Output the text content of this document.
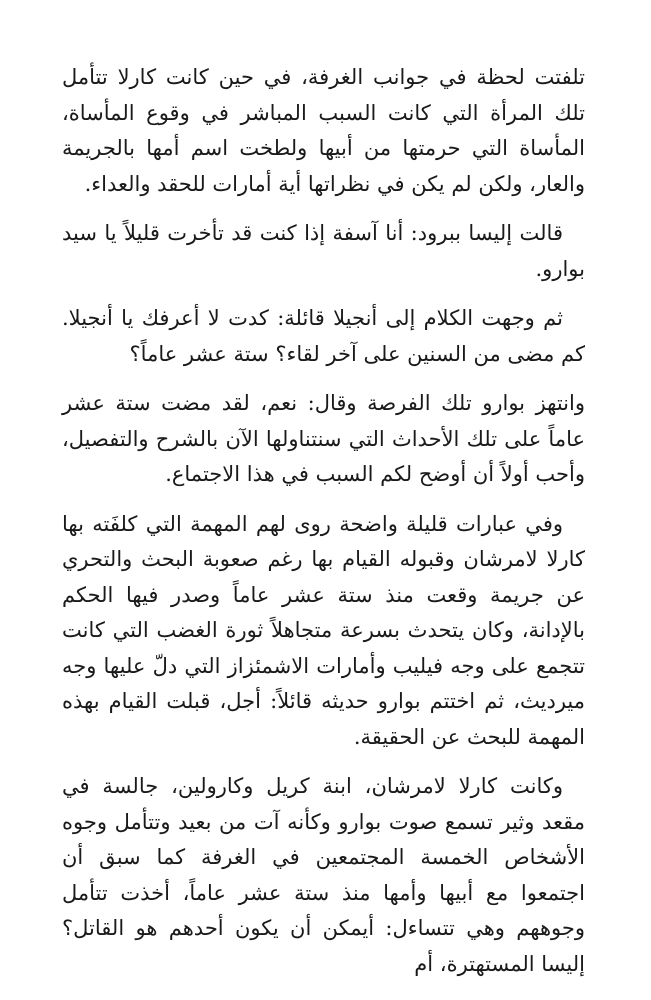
تلفتت لحظة في جوانب الغرفة، في حين كانت كارلا تتأمل تلك المرأة التي كانت السبب المباشر في وقوع المأساة، المأساة التي حرمتها من أبيها ولطخت اسم أمها بالجريمة والعار، ولكن لم يكن في نظراتها أية أمارات للحقد والعداء.

قالت إليسا ببرود: أنا آسفة إذا كنت قد تأخرت قليلاً يا سيد بوارو.

ثم وجهت الكلام إلى أنجيلا قائلة: كدت لا أعرفك يا أنجيلا. كم مضى من السنين على آخر لقاء؟ ستة عشر عاماً؟

وانتهز بوارو تلك الفرصة وقال: نعم، لقد مضت ستة عشر عاماً على تلك الأحداث التي سنتناولها الآن بالشرح والتفصيل، وأحب أولاً أن أوضح لكم السبب في هذا الاجتماع.

وفي عبارات قليلة واضحة روى لهم المهمة التي كلفَته بها كارلا لامرشان وقبوله القيام بها رغم صعوبة البحث والتحري عن جريمة وقعت منذ ستة عشر عاماً وصدر فيها الحكم بالإدانة، وكان يتحدث بسرعة متجاهلاً ثورة الغضب التي كانت تتجمع على وجه فيليب وأمارات الاشمئزاز التي دلّ عليها وجه ميرديث، ثم اختتم بوارو حديثه قائلاً: أجل، قبلت القيام بهذه المهمة للبحث عن الحقيقة.

وكانت كارلا لامرشان، ابنة كريل وكارولين، جالسة في مقعد وثير تسمع صوت بوارو وكأنه آت من بعيد وتتأمل وجوه الأشخاص الخمسة المجتمعين في الغرفة كما سبق أن اجتمعوا مع أبيها وأمها منذ ستة عشر عاماً، أخذت تتأمل وجوههم وهي تتساءل: أيمكن أن يكون أحدهم هو القاتل؟ إليسا المستهترة، أم
